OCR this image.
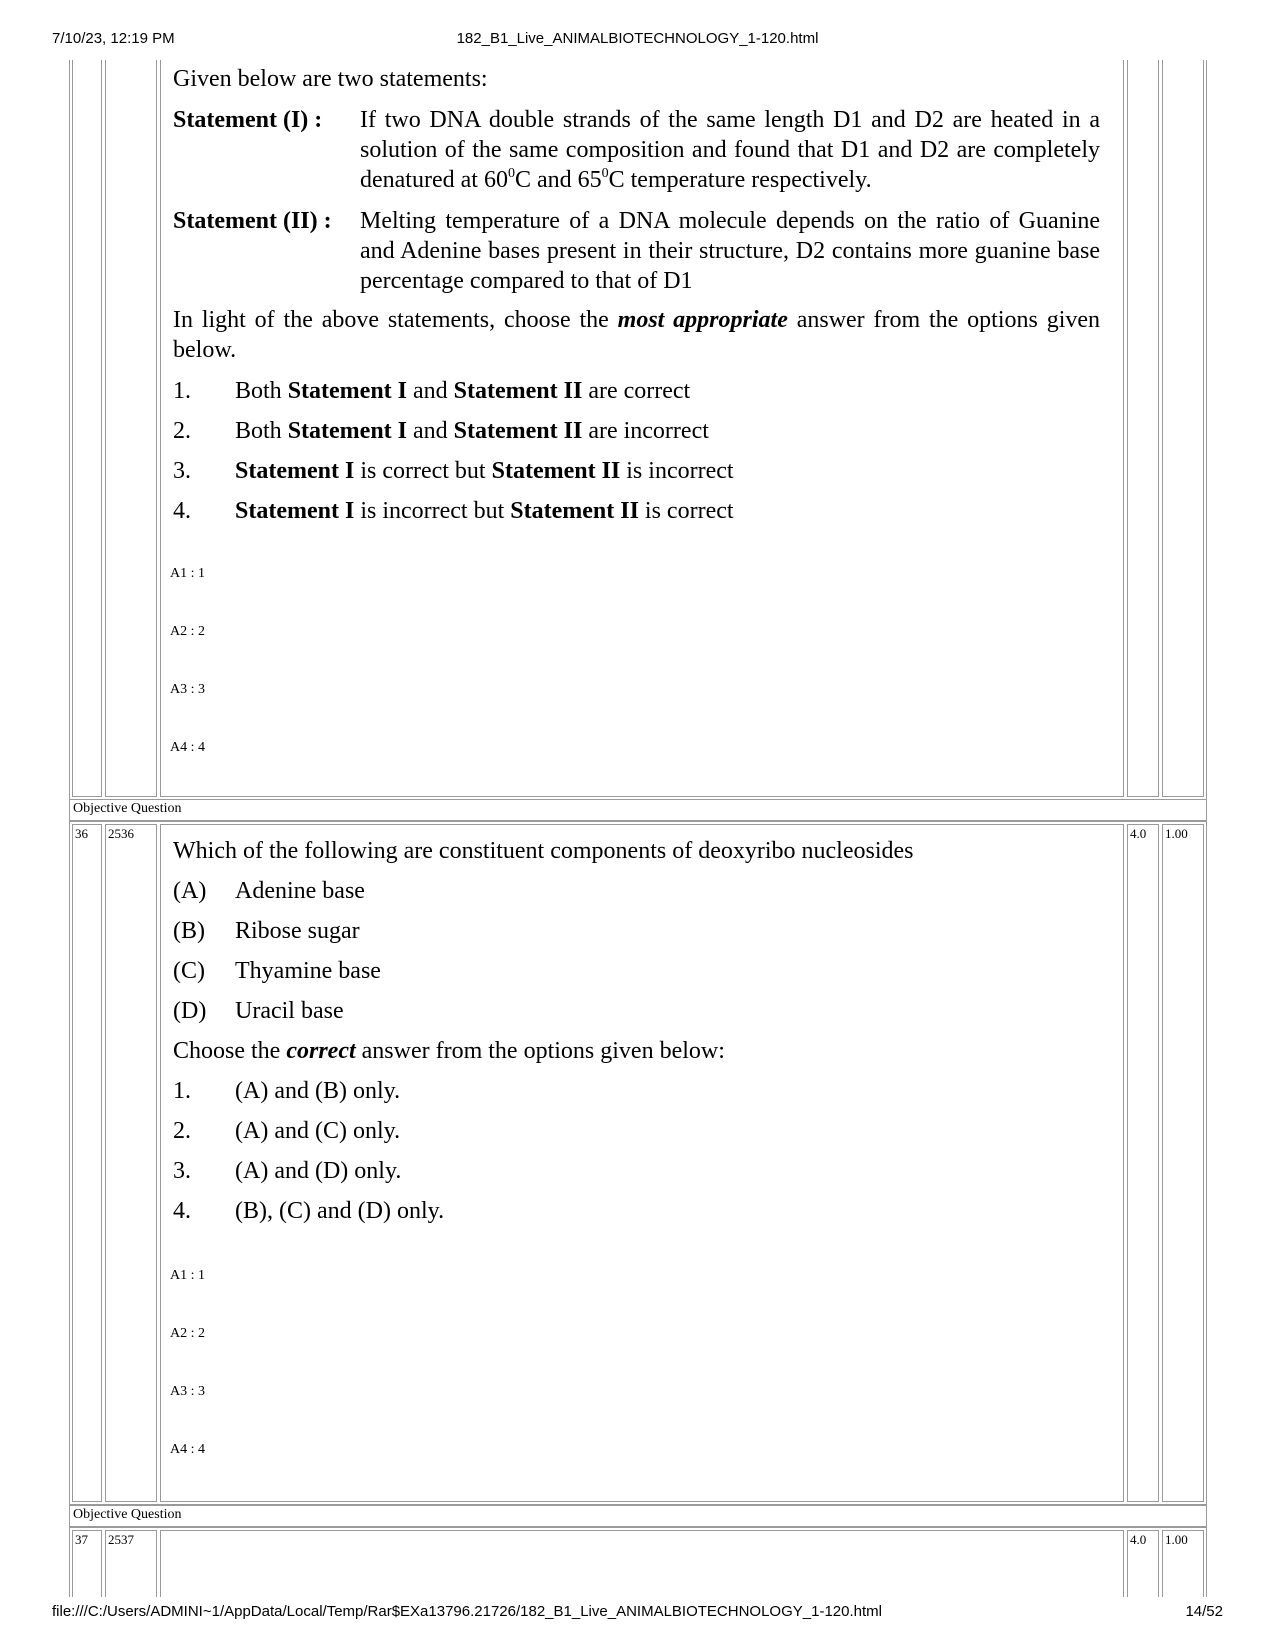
7/10/23, 12:19 PM	182_B1_Live_ANIMALBIOTECHNOLOGY_1-120.html
file:///C:/Users/ADMINI~1/AppData/Local/Temp/Rar$EXa13796.21726/182_B1_Live_ANIMALBIOTECHNOLOGY_1-120.html	14/52
Given below are two statements:
Statement (I) : If two DNA double strands of the same length D1 and D2 are heated in a solution of the same composition and found that D1 and D2 are completely denatured at $60^0C$ and $65^0C$ temperature respectively.
Statement (II) : Melting temperature of a DNA molecule depends on the ratio of Guanine and Adenine bases present in their structure, D2 contains more guanine base percentage compared to that of D1
In light of the above statements, choose the most appropriate answer from the options given below.
1. Both Statement I and Statement II are correct
2. Both Statement I and Statement II are incorrect
3. Statement I is correct but Statement II is incorrect
4. Statement I is incorrect but Statement II is correct
A1 : 1
A2 : 2
A3 : 3
A4 : 4
Objective Question
36 2536	4.0 1.00
Which of the following are constituent components of deoxyribo nucleosides
(A) Adenine base
(B) Ribose sugar
(C) Thyamine base
(D) Uracil base
Choose the correct answer from the options given below:
1. (A) and (B) only.
2. (A) and (C) only.
3. (A) and (D) only.
4. (B), (C) and (D) only.
A1 : 1
A2 : 2
A3 : 3
A4 : 4
Objective Question
37 2537	4.0 1.00
